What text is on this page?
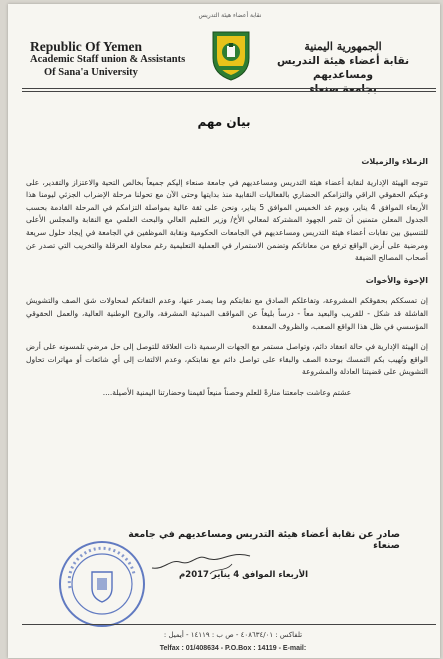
Republic Of Yemen
Academic Staff union & Assistants
Of Sana'a University
نقابة أعضاء هيئة التدريس
الجمهورية اليمنية
نقابة أعضاء هيئة التدريس ومساعديهم
بجامعة صنعاء
بيان مهم

الزملاء والزميلات

تتوجه الهيئة الإدارية لنقابة أعضاء هيئة التدريس ومساعديهم في جامعة صنعاء إليكم جميعاً بخالص التحية والاعتزاز والتقدير، على وعيكم الحقوقي الراقي والتزامكم الحضاري بالفعاليات النقابية منذ بدايتها وحتى الآن مع تحولنا مرحلة الإضراب الجزئي ليومنا هذا الأربعاء الموافق 4 يناير، ويوم غد الخميس الموافق 5 يناير، ونحن على ثقة عالية بمواصلة التزامكم في المرحلة القادمة بحسب الجدول المعلن متمنين أن تثمر الجهود المشتركة لمعالي الأخ/ وزير التعليم العالي والبحث العلمي مع النقابة والمجلس الأعلى للتنسيق بين نقابات أعضاء هيئة التدريس ومساعديهم في الجامعات الحكومية ونقابة الموظفين في الجامعة في إيجاد حلول سريعة ومرضية على أرض الواقع ترفع من معاناتكم وتضمن الاستمرار في العملية التعليمية رغم محاولة العرقلة والتخريب التي تصدر عن أصحاب المصالح الضيقة

الإخوة والأخوات

إن تمسككم بحقوقكم المشروعة، وتفاعلكم الصادق مع نقابتكم وما يصدر عنها، وعدم التفاتكم لمحاولات شق الصف والتشويش الفاشلة قد شكل - للقريب والبعيد معاً - درساً بليغاً عن المواقف المبدئية المشرفة، والروح الوطنية العالية، والعمل الحقوقي المؤسسي في ظل هذا الواقع الصعب، والظروف المعقدة

إن الهيئة الإدارية في حالة انعقاد دائم، وتواصل مستمر مع الجهات الرسمية ذات العلاقة للتوصل إلى حل مرضي تلمسونه على أرض الواقع وتُهيب بكم التمسك بوحدة الصف والبقاء على تواصل دائم مع نقابتكم، وعدم الالتفات إلى أي شائعات أو مهاترات تحاول التشويش على قضيتنا العادلة والمشروعة

عشتم وعاشت جامعتنا منارةً للعلم وحصناً منيعاً لقيمنا وحضارتنا اليمنية الأصيلة....

صادر عن نقابة أعضاء هيئة التدريس ومساعديهم في جامعة صنعاء
الأربعاء الموافق 4 يناير 2017م
تلفاكس : ٤٠٨٦٣٤/٠١ - ص ب : ١٤١١٩ - أيميل :
Telfax : 01/408634 - P.O.Box : 14119 - E-mail:
